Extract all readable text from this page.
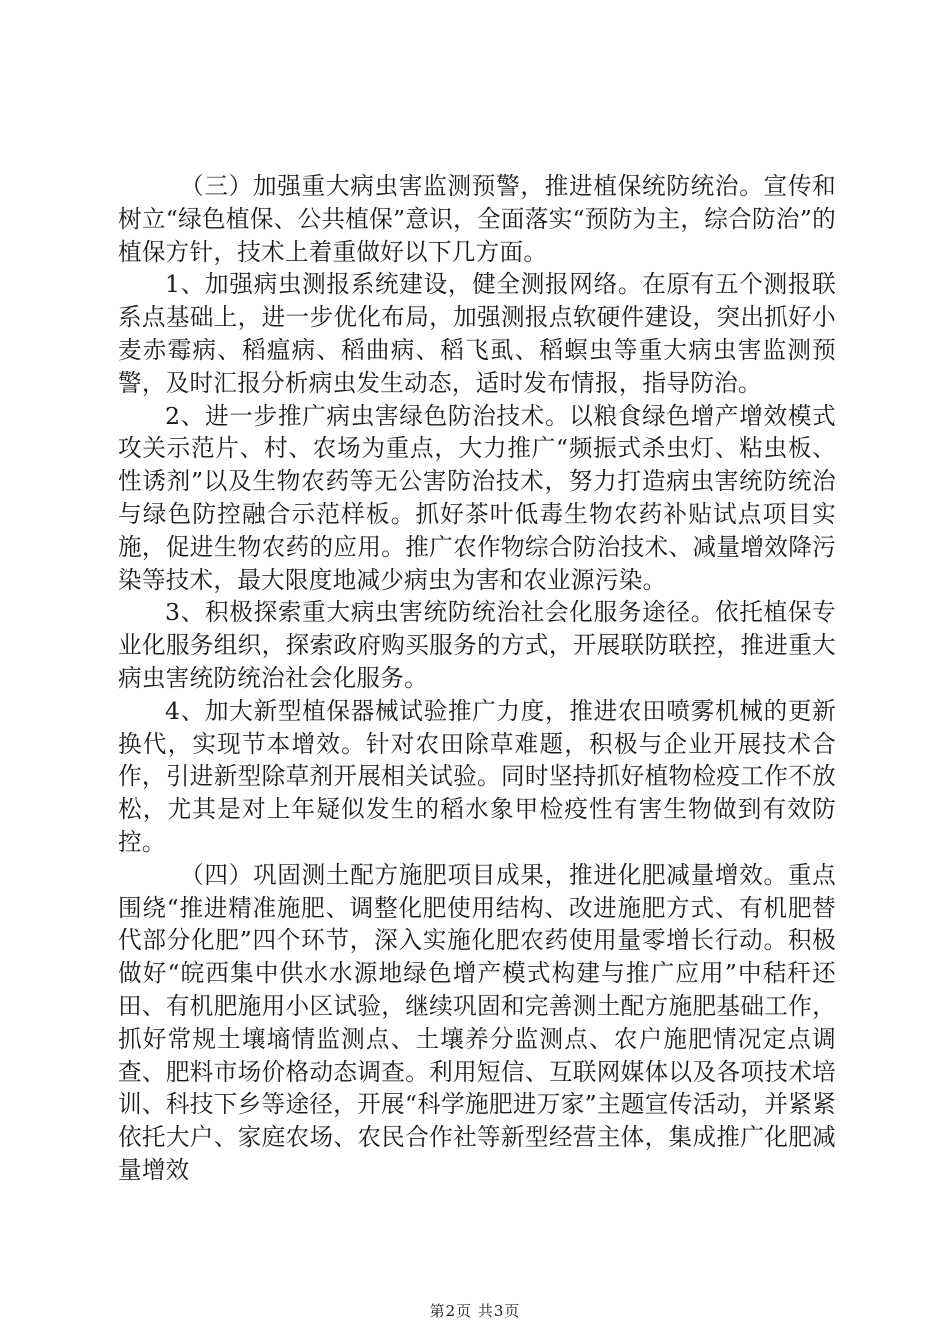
（三）加强重大病虫害监测预警，推进植保统防统治。宣传和树立“绿色植保、公共植保”意识，全面落实“预防为主，综合防治”的植保方针，技术上着重做好以下几方面。

1、加强病虫测报系统建设，健全测报网络。在原有五个测报联系点基础上，进一步优化布局，加强测报点软硬件建设，突出抓好小麦赤霉病、稻瘟病、稻曲病、稻飞虱、稻螟虫等重大病虫害监测预警，及时汇报分析病虫发生动态，适时发布情报，指导防治。

2、进一步推广病虫害绿色防治技术。以粮食绿色增产增效模式攻关示范片、村、农场为重点，大力推广“频振式杀虫灯、粘虫板、性诱剂”以及生物农药等无公害防治技术，努力打造病虫害统防统治与绿色防控融合示范样板。抓好茶叶低毒生物农药补贴试点项目实施，促进生物农药的应用。推广农作物综合防治技术、减量增效降污染等技术，最大限度地减少病虫为害和农业源污染。

3、积极探索重大病虫害统防统治社会化服务途径。依托植保专业化服务组织，探索政府购买服务的方式，开展联防联控，推进重大病虫害统防统治社会化服务。

4、加大新型植保器械试验推广力度，推进农田喷雾机械的更新换代，实现节本增效。针对农田除草难题，积极与企业开展技术合作，引进新型除草剂开展相关试验。同时坚持抓好植物检疫工作不放松，尤其是对上年疑似发生的稻水象甲检疫性有害生物做到有效防控。

（四）巩固测土配方施肥项目成果，推进化肥减量增效。重点围绕“推进精准施肥、调整化肥使用结构、改进施肥方式、有机肥替代部分化肥”四个环节，深入实施化肥农药使用量零增长行动。积极做好“皖西集中供水水源地绿色增产模式构建与推广应用”中秸秆还田、有机肥施用小区试验，继续巩固和完善测土配方施肥基础工作，抓好常规土壤墒情监测点、土壤养分监测点、农户施肥情况定点调查、肥料市场价格动态调查。利用短信、互联网媒体以及各项技术培训、科技下乡等途径，开展“科学施肥进万家”主题宣传活动，并紧紧依托大户、家庭农场、农民合作社等新型经营主体，集成推广化肥减量增效

第2页 共3页
